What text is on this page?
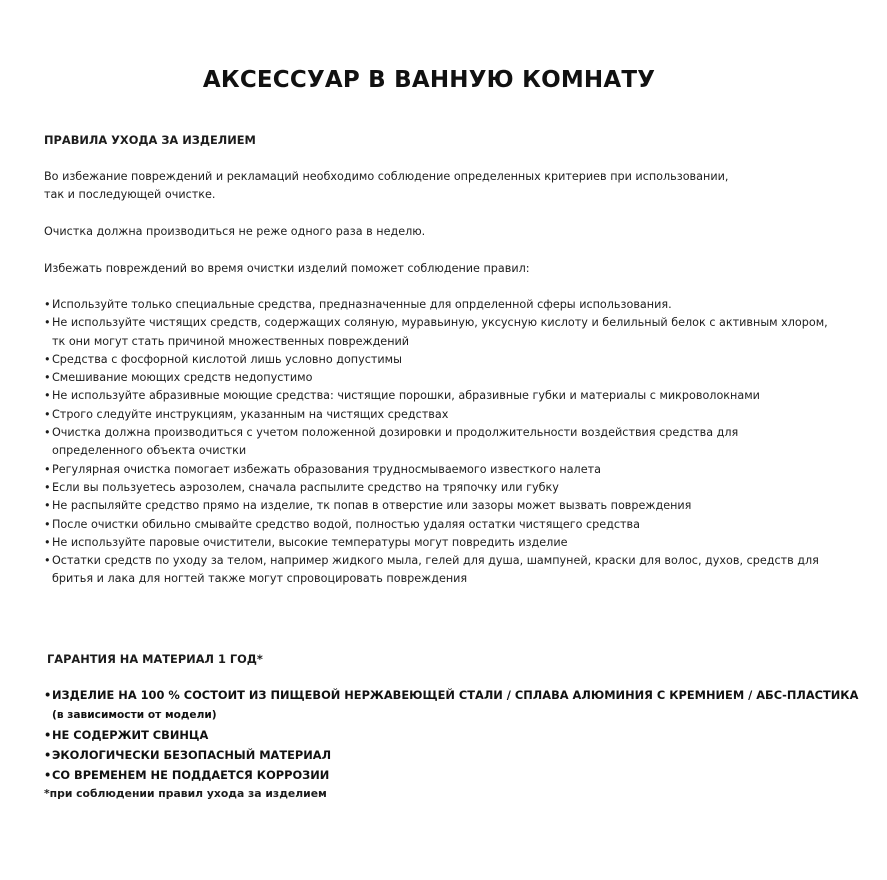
АКСЕССУАР В ВАННУЮ КОМНАТУ
ПРАВИЛА УХОДА ЗА ИЗДЕЛИЕМ
Во избежание повреждений и рекламаций необходимо соблюдение определенных критериев при использовании,
так и последующей очистке.
Очистка должна производиться не реже одного раза в неделю.
Избежать повреждений во время очистки изделий поможет соблюдение правил:
• Используйте только специальные средства, предназначенные для опрделенной сферы использования.
• Не используйте чистящих средств, содержащих соляную, муравьиную, уксусную кислоту и белильный белок с активным хлором,
тк они могут стать причиной множественных повреждений
• Средства с фосфорной кислотой лишь условно допустимы
• Смешивание моющих средств недопустимо
• Не используйте абразивные моющие средства: чистящие порошки, абразивные губки и материалы с микроволокнами
• Строго следуйте инструкциям, указанным на чистящих средствах
• Очистка должна производиться с учетом положенной дозировки и продолжительности воздействия средства для
определенного объекта очистки
• Регулярная очистка помогает избежать образования трудносмываемого известкого налета
• Если вы пользуетесь аэрозолем, сначала распылите средство на тряпочку или губку
• Не распыляйте средство прямо на изделие, тк попав в отверстие или зазоры может вызвать повреждения
• После очистки обильно смывайте средство водой, полностью удаляя остатки чистящего средства
• Не используйте паровые очистители, высокие температуры могут повредить изделие
• Остатки средств по уходу за телом, например жидкого мыла, гелей для душа, шампуней, краски для волос, духов, средств для
бритья и лака для ногтей также могут спровоцировать повреждения
ГАРАНТИЯ НА МАТЕРИАЛ 1 ГОД*
• ИЗДЕЛИЕ НА 100 % СОСТОИТ ИЗ ПИЩЕВОЙ НЕРЖАВЕЮЩЕЙ СТАЛИ / СПЛАВА АЛЮМИНИЯ С КРЕМНИЕМ / АБС-ПЛАСТИКА
(в зависимости от модели)
• НЕ СОДЕРЖИТ СВИНЦА
• ЭКОЛОГИЧЕСКИ БЕЗОПАСНЫЙ МАТЕРИАЛ
• СО ВРЕМЕНЕМ НЕ ПОДДАЕТСЯ КОРРОЗИИ
*при соблюдении правил ухода за изделием
